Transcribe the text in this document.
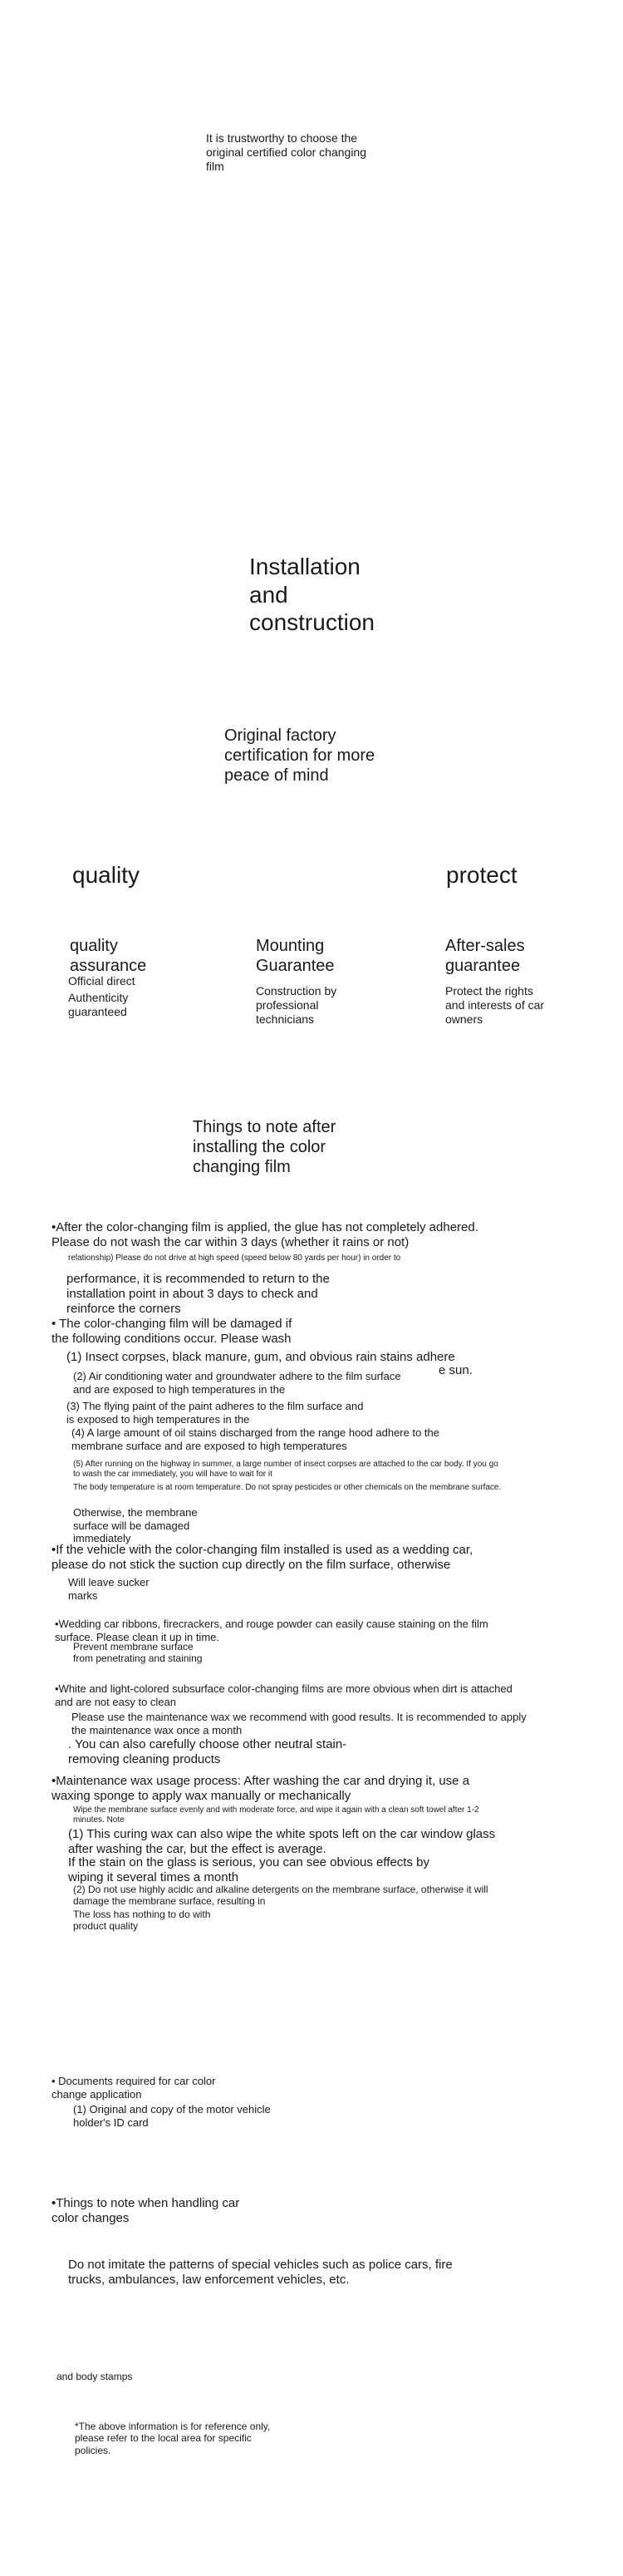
It is trustworthy to choose the original certified color changing film

Installation and construction

Original factory certification for more peace of mind

quality	protect

quality assurance

Official direct

Authenticity guaranteed

Mounting Guarantee

Construction by professional technicians

After-sales guarantee

Protect the rights and interests of car owners

Things to note after installing the color changing film

•After the color-changing film is applied, the glue has not completely adhered. Please do not wash the car within 3 days (whether it rains or not)

relationship) Please do not drive at high speed (speed below 80 yards per hour) in order to

performance, it is recommended to return to the installation point in about 3 days to check and reinforce the corners

• The color-changing film will be damaged if the following conditions occur. Please wash

e sun.

(1) Insect corpses, black manure, gum, and obvious rain stains adhere

(2) Air conditioning water and groundwater adhere to the film surface and are exposed to high temperatures in the

(3) The flying paint of the paint adheres to the film surface and is exposed to high temperatures in the

(4) A large amount of oil stains discharged from the range hood adhere to the membrane surface and are exposed to high temperatures

(5) After running on the highway in summer, a large number of insect corpses are attached to the car body. If you go to wash the car immediately, you will have to wait for it

The body temperature is at room temperature. Do not spray pesticides or other chemicals on the membrane surface.

Otherwise, the membrane surface will be damaged immediately

•If the vehicle with the color-changing film installed is used as a wedding car, please do not stick the suction cup directly on the film surface, otherwise

Will leave sucker marks

•Wedding car ribbons, firecrackers, and rouge powder can easily cause staining on the film surface. Please clean it up in time.

Prevent membrane surface from penetrating and staining

•White and light-colored subsurface color-changing films are more obvious when dirt is attached and are not easy to clean

Please use the maintenance wax we recommend with good results. It is recommended to apply the maintenance wax once a month

. You can also carefully choose other neutral stain-removing cleaning products

•Maintenance wax usage process: After washing the car and drying it, use a waxing sponge to apply wax manually or mechanically

Wipe the membrane surface evenly and with moderate force, and wipe it again with a clean soft towel after 1-2 minutes. Note

(1) This curing wax can also wipe the white spots left on the car window glass after washing the car, but the effect is average.

If the stain on the glass is serious, you can see obvious effects by wiping it several times a month

(2) Do not use highly acidic and alkaline detergents on the membrane surface, otherwise it will damage the membrane surface, resulting in

The loss has nothing to do with product quality

• Documents required for car color change application

(1) Original and copy of the motor vehicle holder's ID card

•Things to note when handling car color changes

Do not imitate the patterns of special vehicles such as police cars, fire trucks, ambulances, law enforcement vehicles, etc.

and body stamps

*The above information is for reference only, please refer to the local area for specific policies.
